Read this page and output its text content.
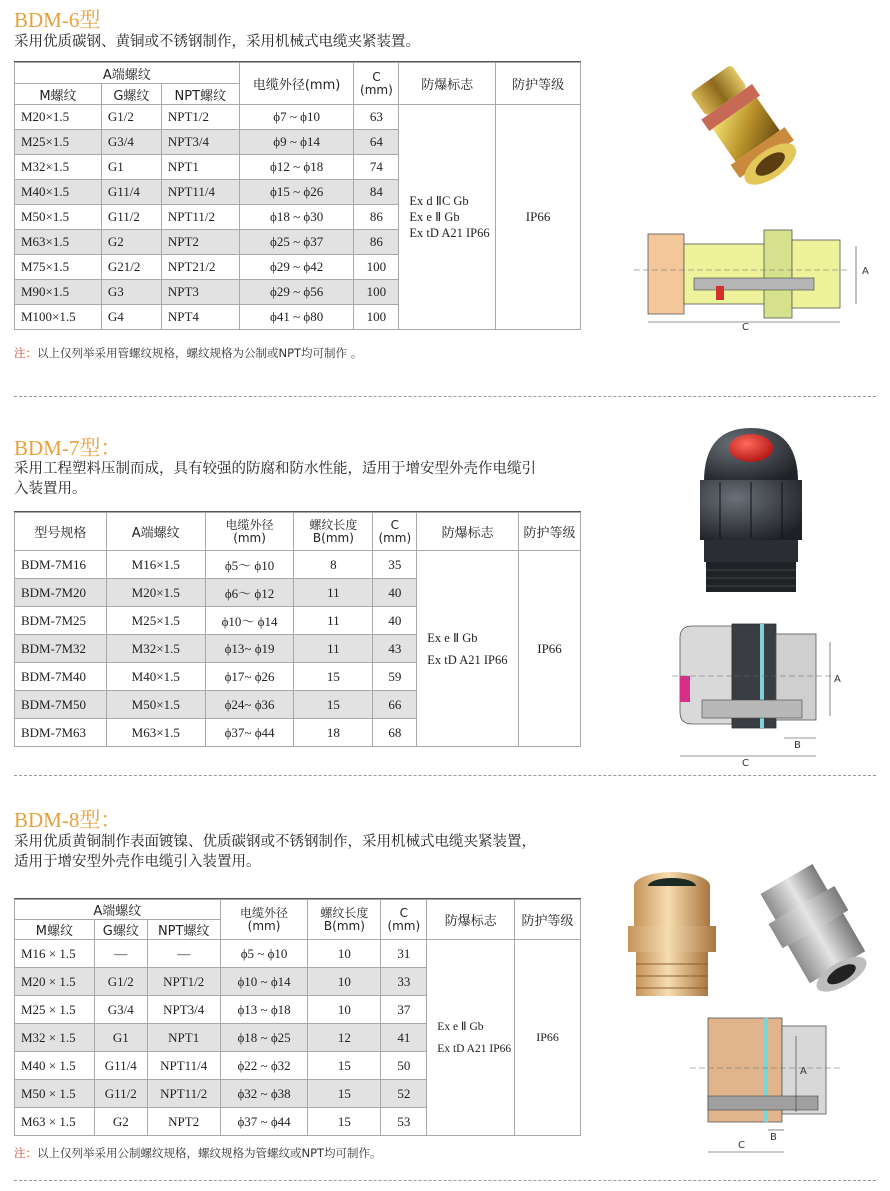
BDM-6型
采用优质碳钢、黄铜或不锈钢制作，采用机械式电缆夹紧装置。
A端螺纹			电缆外径(mm)	C
(mm)	防爆标志	防护等级
M螺纹	G螺纹	NPT螺纹				
M20×1.5	G1/2	NPT1/2	ϕ7 ~ ϕ10	63	Ex d ⅡC Gb
Ex e Ⅱ Gb
Ex tD A21 IP66	IP66
M25×1.5	G3/4	NPT3/4	ϕ9 ~ ϕ14	64		
M32×1.5	G1	NPT1	ϕ12 ~ ϕ18	74		
M40×1.5	G11/4	NPT11/4	ϕ15 ~ ϕ26	84		
M50×1.5	G11/2	NPT11/2	ϕ18 ~ ϕ30	86		
M63×1.5	G2	NPT2	ϕ25 ~ ϕ37	86		
M75×1.5	G21/2	NPT21/2	ϕ29 ~ ϕ42	100		
M90×1.5	G3	NPT3	ϕ29 ~ ϕ56	100		
M100×1.5	G4	NPT4	ϕ41 ~ ϕ80	100		
注：以上仅列举采用管螺纹规格，螺纹规格为公制或NPT均可制作 。
A
C
BDM-7型：
采用工程塑料压制而成，具有较强的防腐和防水性能，适用于增安型外壳作电缆引
入装置用。
型号规格	A端螺纹	电缆外径
(mm)	螺纹长度
B(mm)	C
(mm)	防爆标志	防护等级
BDM-7M16	M16×1.5	ϕ5～ ϕ10	8	35	Ex e Ⅱ Gb
Ex tD A21 IP66	IP66
BDM-7M20	M20×1.5	ϕ6～ ϕ12	11	40		
BDM-7M25	M25×1.5	ϕ10～ ϕ14	11	40		
BDM-7M32	M32×1.5	ϕ13~ ϕ19	11	43		
BDM-7M40	M40×1.5	ϕ17~ ϕ26	15	59		
BDM-7M50	M50×1.5	ϕ24~ ϕ36	15	66		
BDM-7M63	M63×1.5	ϕ37~ ϕ44	18	68		
A
B
C
BDM-8型：
采用优质黄铜制作表面镀镍、优质碳钢或不锈钢制作，采用机械式电缆夹紧装置，
适用于增安型外壳作电缆引入装置用。
A端螺纹			电缆外径
(mm)	螺纹长度
B(mm)	C
(mm)	防爆标志	防护等级
M螺纹	G螺纹	NPT螺纹					
M16 × 1.5	—	—	ϕ5 ~ ϕ10	10	31	Ex e Ⅱ Gb
Ex tD A21 IP66	IP66
M20 × 1.5	G1/2	NPT1/2	ϕ10 ~ ϕ14	10	33		
M25 × 1.5	G3/4	NPT3/4	ϕ13 ~ ϕ18	10	37		
M32 × 1.5	G1	NPT1	ϕ18 ~ ϕ25	12	41		
M40 × 1.5	G11/4	NPT11/4	ϕ22 ~ ϕ32	15	50		
M50 × 1.5	G11/2	NPT11/2	ϕ32 ~ ϕ38	15	52		
M63 × 1.5	G2	NPT2	ϕ37 ~ ϕ44	15	53		
注：以上仅列举采用公制螺纹规格，螺纹规格为管螺纹或NPT均可制作。
A
B
C
